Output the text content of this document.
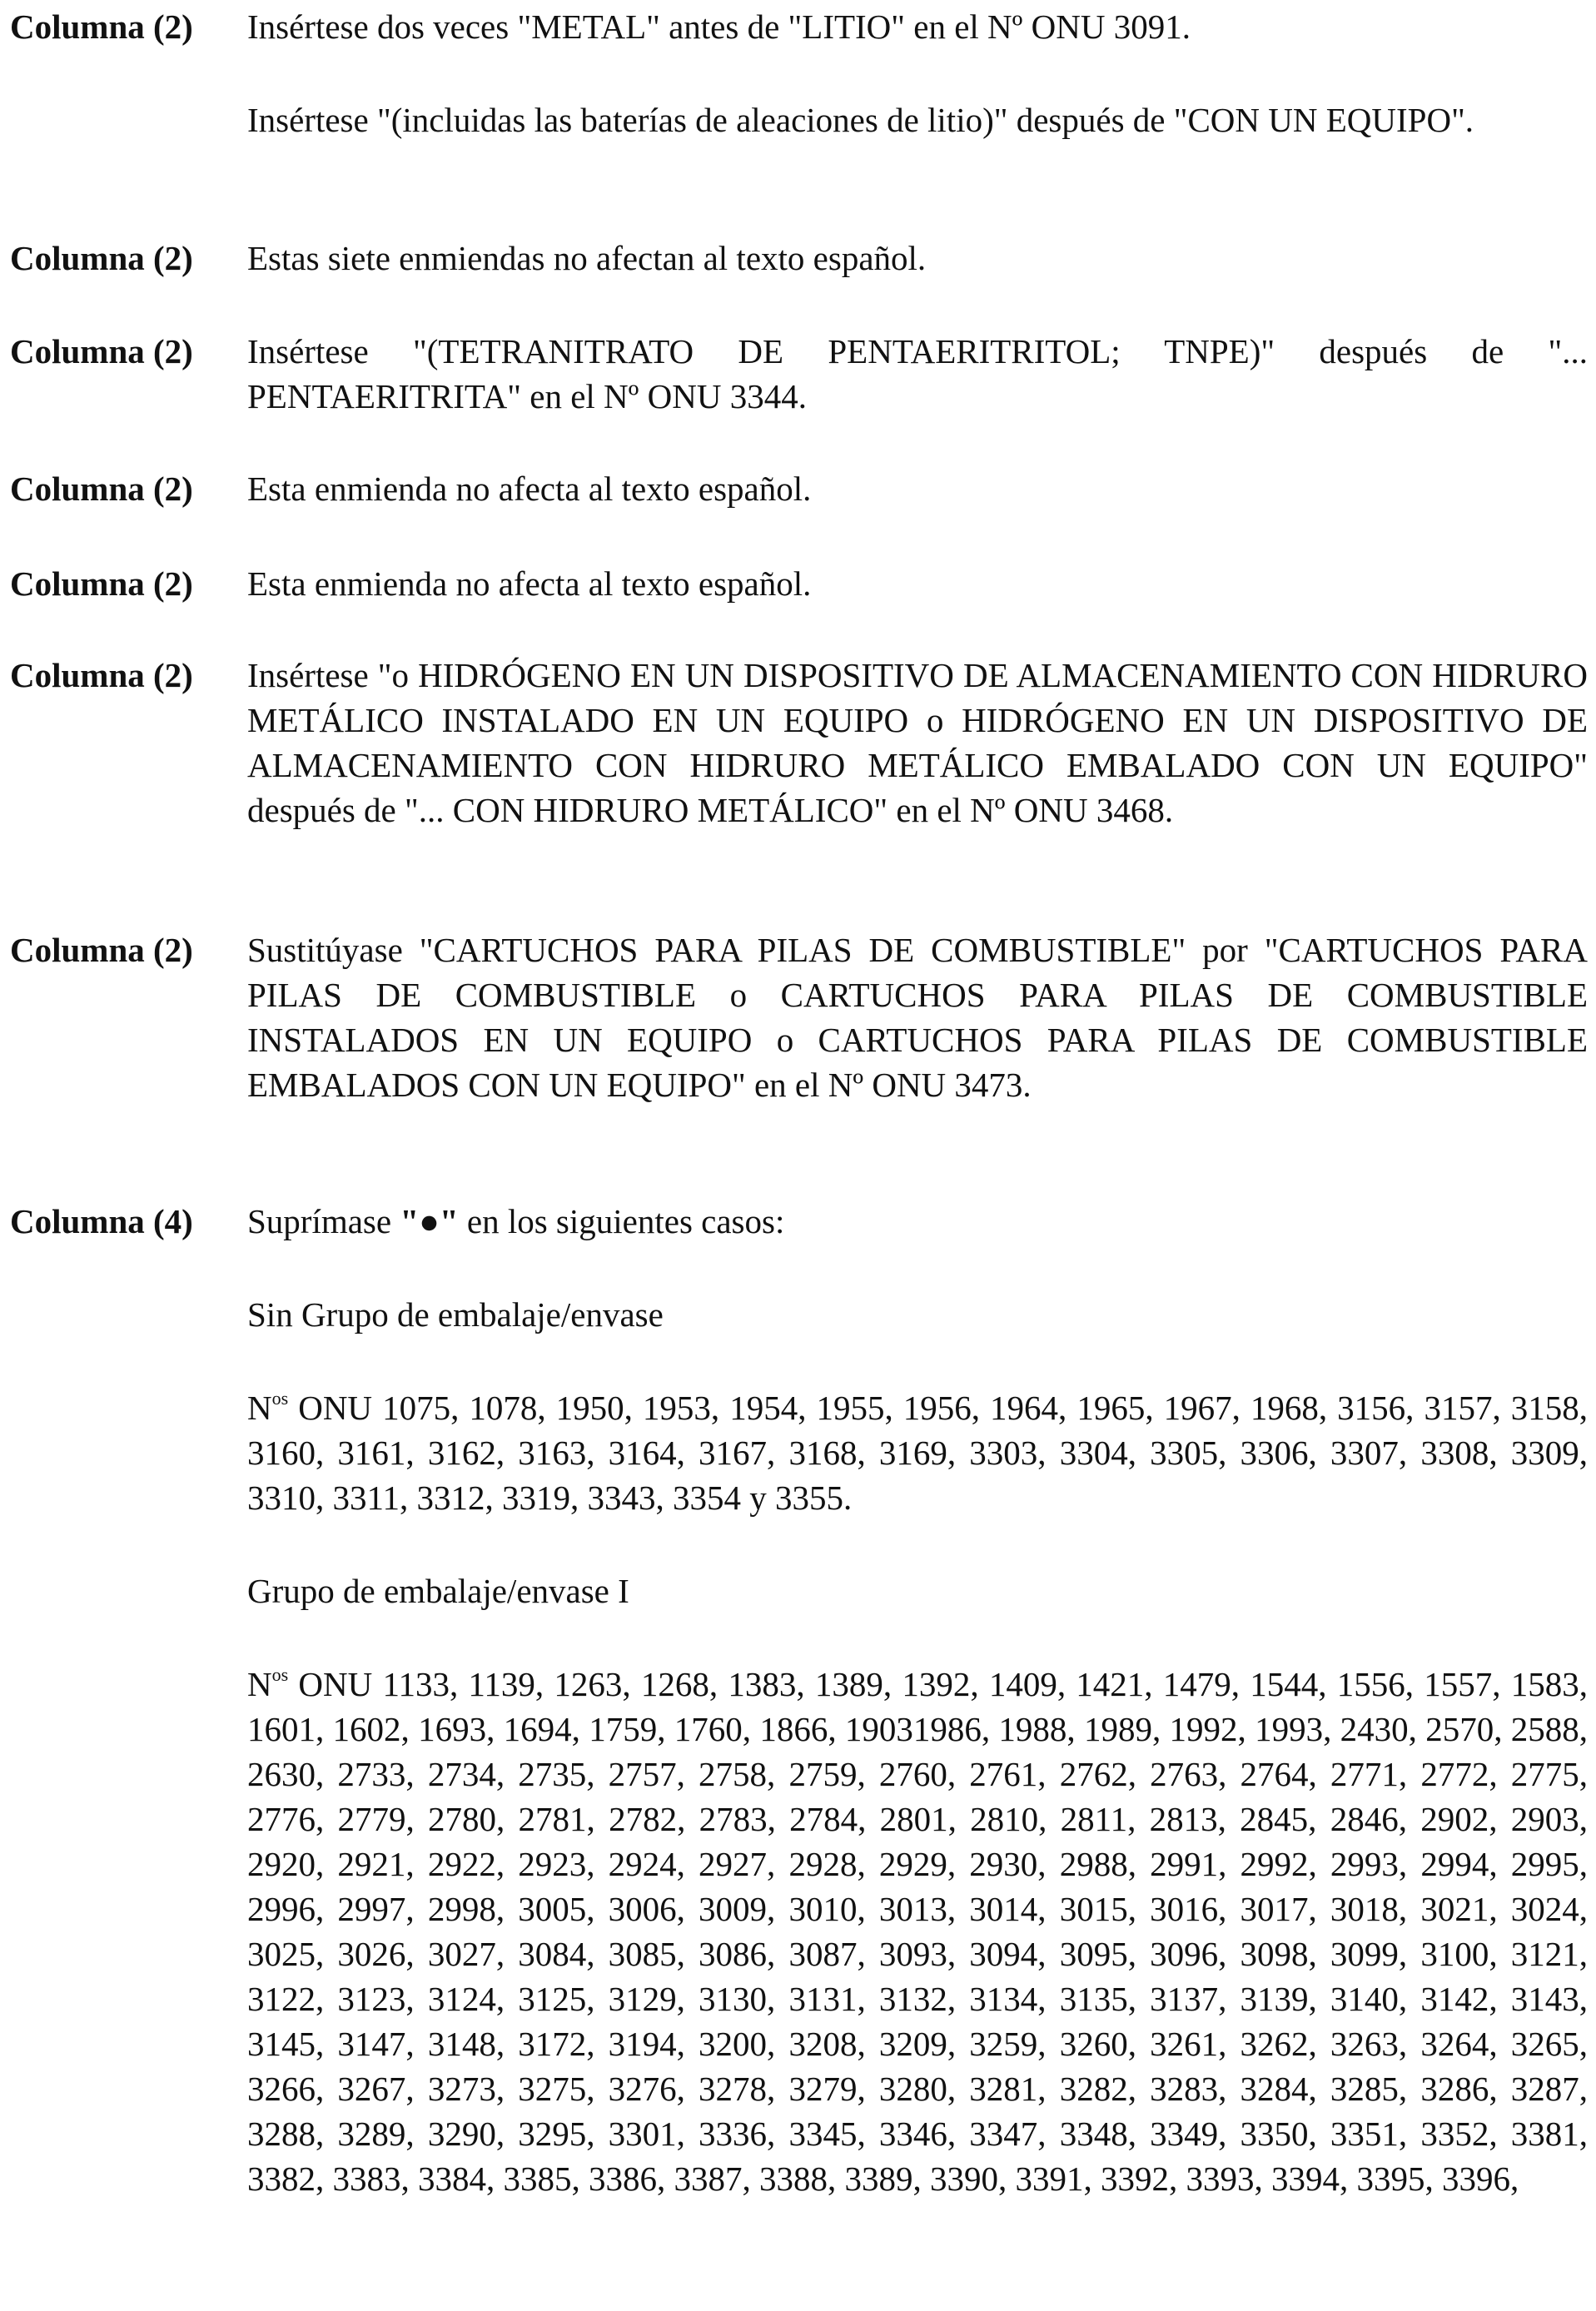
Columna (2)	Insértese dos veces "METAL" antes de "LITIO" en el Nº ONU 3091.

Insértese "(incluidas las baterías de aleaciones de litio)" después de "CON UN EQUIPO".

Columna (2)	Estas siete enmiendas no afectan al texto español.

Columna (2)	Insértese "(TETRANITRATO DE PENTAERITRITOL; TNPE)" después de "... PENTAERITRITA" en el Nº ONU 3344.

Columna (2)	Esta enmienda no afecta al texto español.

Columna (2)	Esta enmienda no afecta al texto español.

Columna (2)	Insértese "o HIDRÓGENO EN UN DISPOSITIVO DE ALMACENAMIENTO CON HIDRURO METÁLICO INSTALADO EN UN EQUIPO o HIDRÓGENO EN UN DISPOSITIVO DE ALMACENAMIENTO CON HIDRURO METÁLICO EMBALADO CON UN EQUIPO" después de "... CON HIDRURO METÁLICO" en el Nº ONU 3468.

Columna (2)	Sustitúyase "CARTUCHOS PARA PILAS DE COMBUSTIBLE" por "CARTUCHOS PARA PILAS DE COMBUSTIBLE o CARTUCHOS PARA PILAS DE COMBUSTIBLE INSTALADOS EN UN EQUIPO o CARTUCHOS PARA PILAS DE COMBUSTIBLE EMBALADOS CON UN EQUIPO" en el Nº ONU 3473.

Columna (4)	Suprímase "●" en los siguientes casos:

Sin Grupo de embalaje/envase

$N^{os}$ ONU 1075, 1078, 1950, 1953, 1954, 1955, 1956, 1964, 1965, 1967, 1968, 3156, 3157, 3158, 3160, 3161, 3162, 3163, 3164, 3167, 3168, 3169, 3303, 3304, 3305, 3306, 3307, 3308, 3309, 3310, 3311, 3312, 3319, 3343, 3354 y 3355.

Grupo de embalaje/envase I

$N^{os}$ ONU 1133, 1139, 1263, 1268, 1383, 1389, 1392, 1409, 1421, 1479, 1544, 1556, 1557, 1583, 1601, 1602, 1693, 1694, 1759, 1760, 1866, 19031986, 1988, 1989, 1992, 1993, 2430, 2570, 2588, 2630, 2733, 2734, 2735, 2757, 2758, 2759, 2760, 2761, 2762, 2763, 2764, 2771, 2772, 2775, 2776, 2779, 2780, 2781, 2782, 2783, 2784, 2801, 2810, 2811, 2813, 2845, 2846, 2902, 2903, 2920, 2921, 2922, 2923, 2924, 2927, 2928, 2929, 2930, 2988, 2991, 2992, 2993, 2994, 2995, 2996, 2997, 2998, 3005, 3006, 3009, 3010, 3013, 3014, 3015, 3016, 3017, 3018, 3021, 3024, 3025, 3026, 3027, 3084, 3085, 3086, 3087, 3093, 3094, 3095, 3096, 3098, 3099, 3100, 3121, 3122, 3123, 3124, 3125, 3129, 3130, 3131, 3132, 3134, 3135, 3137, 3139, 3140, 3142, 3143, 3145, 3147, 3148, 3172, 3194, 3200, 3208, 3209, 3259, 3260, 3261, 3262, 3263, 3264, 3265, 3266, 3267, 3273, 3275, 3276, 3278, 3279, 3280, 3281, 3282, 3283, 3284, 3285, 3286, 3287, 3288, 3289, 3290, 3295, 3301, 3336, 3345, 3346, 3347, 3348, 3349, 3350, 3351, 3352, 3381, 3382, 3383, 3384, 3385, 3386, 3387, 3388, 3389, 3390, 3391, 3392, 3393, 3394, 3395, 3396,
